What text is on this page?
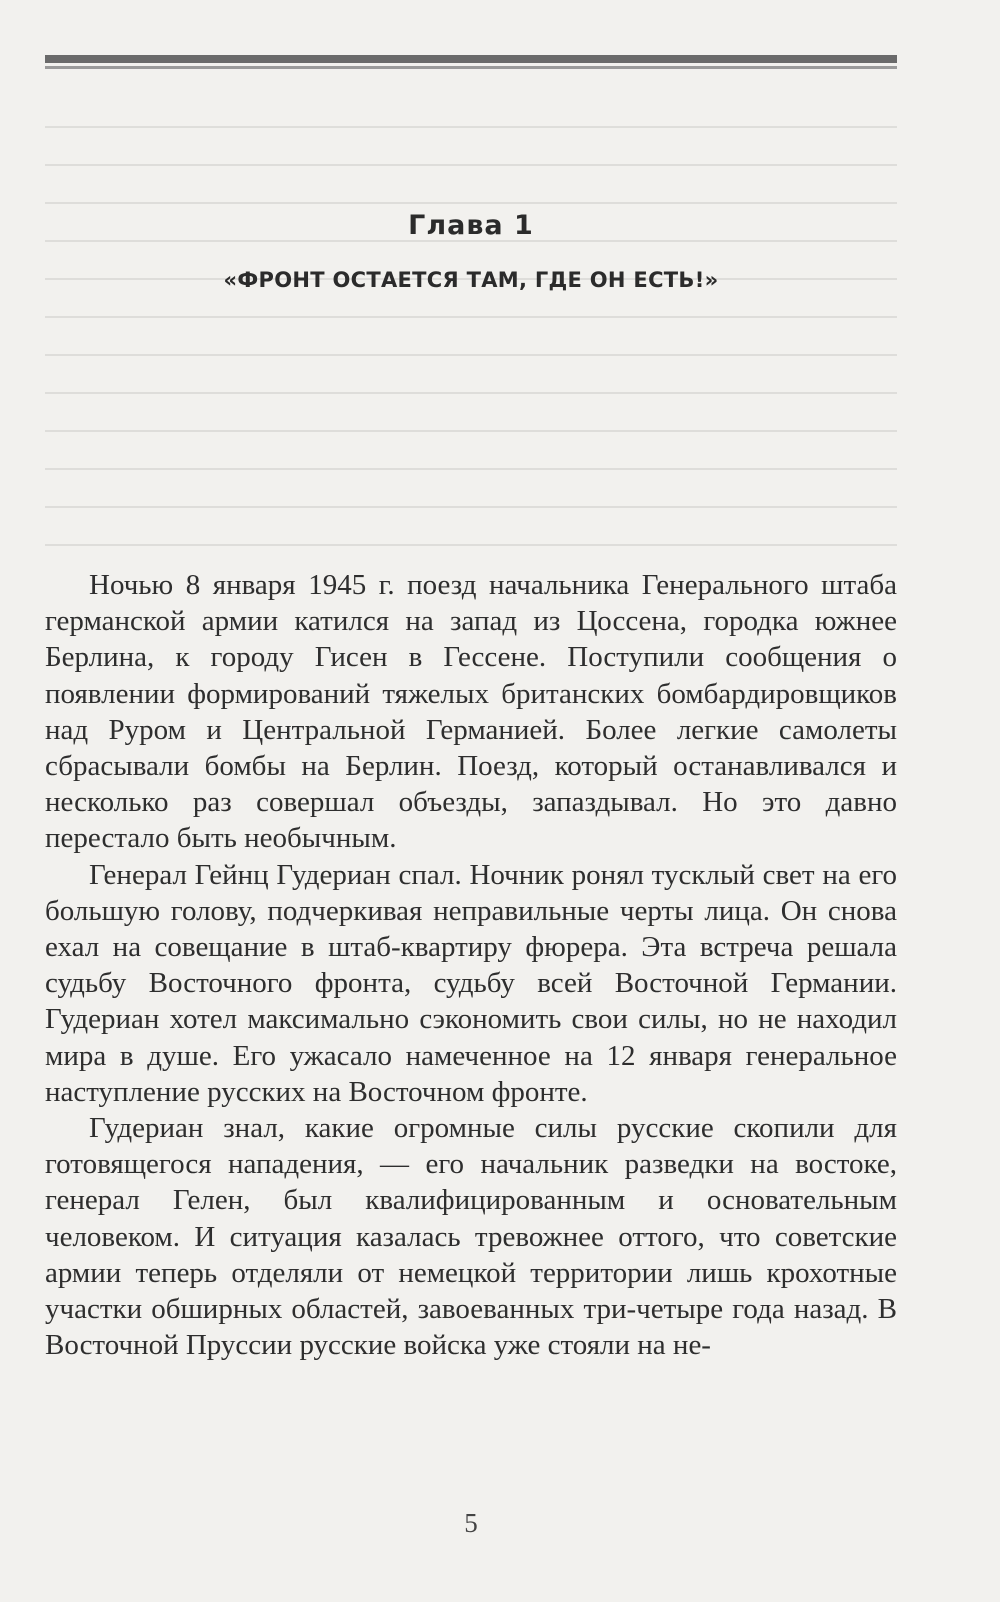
Глава 1
«ФРОНТ ОСТАЕТСЯ ТАМ, ГДЕ ОН ЕСТЬ!»

Ночью 8 января 1945 г. поезд начальника Генерального штаба германской армии катился на запад из Цоссена, городка южнее Берлина, к городу Гисен в Гессене. Поступили сообщения о появлении формирований тяжелых британских бомбардировщиков над Руром и Центральной Германией. Более легкие самолеты сбрасывали бомбы на Берлин. Поезд, который останавливался и несколько раз совершал объезды, запаздывал. Но это давно перестало быть необычным.

Генерал Гейнц Гудериан спал. Ночник ронял тусклый свет на его большую голову, подчеркивая неправильные черты лица. Он снова ехал на совещание в штаб-квартиру фюрера. Эта встреча решала судьбу Восточного фронта, судьбу всей Восточной Германии. Гудериан хотел максимально сэкономить свои силы, но не находил мира в душе. Его ужасало намеченное на 12 января генеральное наступление русских на Восточном фронте.

Гудериан знал, какие огромные силы русские скопили для готовящегося нападения, — его начальник разведки на востоке, генерал Гелен, был квалифицированным и основательным человеком. И ситуация казалась тревожнее оттого, что советские армии теперь отделяли от немецкой территории лишь крохотные участки обширных областей, завоеванных три-четыре года назад. В Восточной Пруссии русские войска уже стояли на не-

5
